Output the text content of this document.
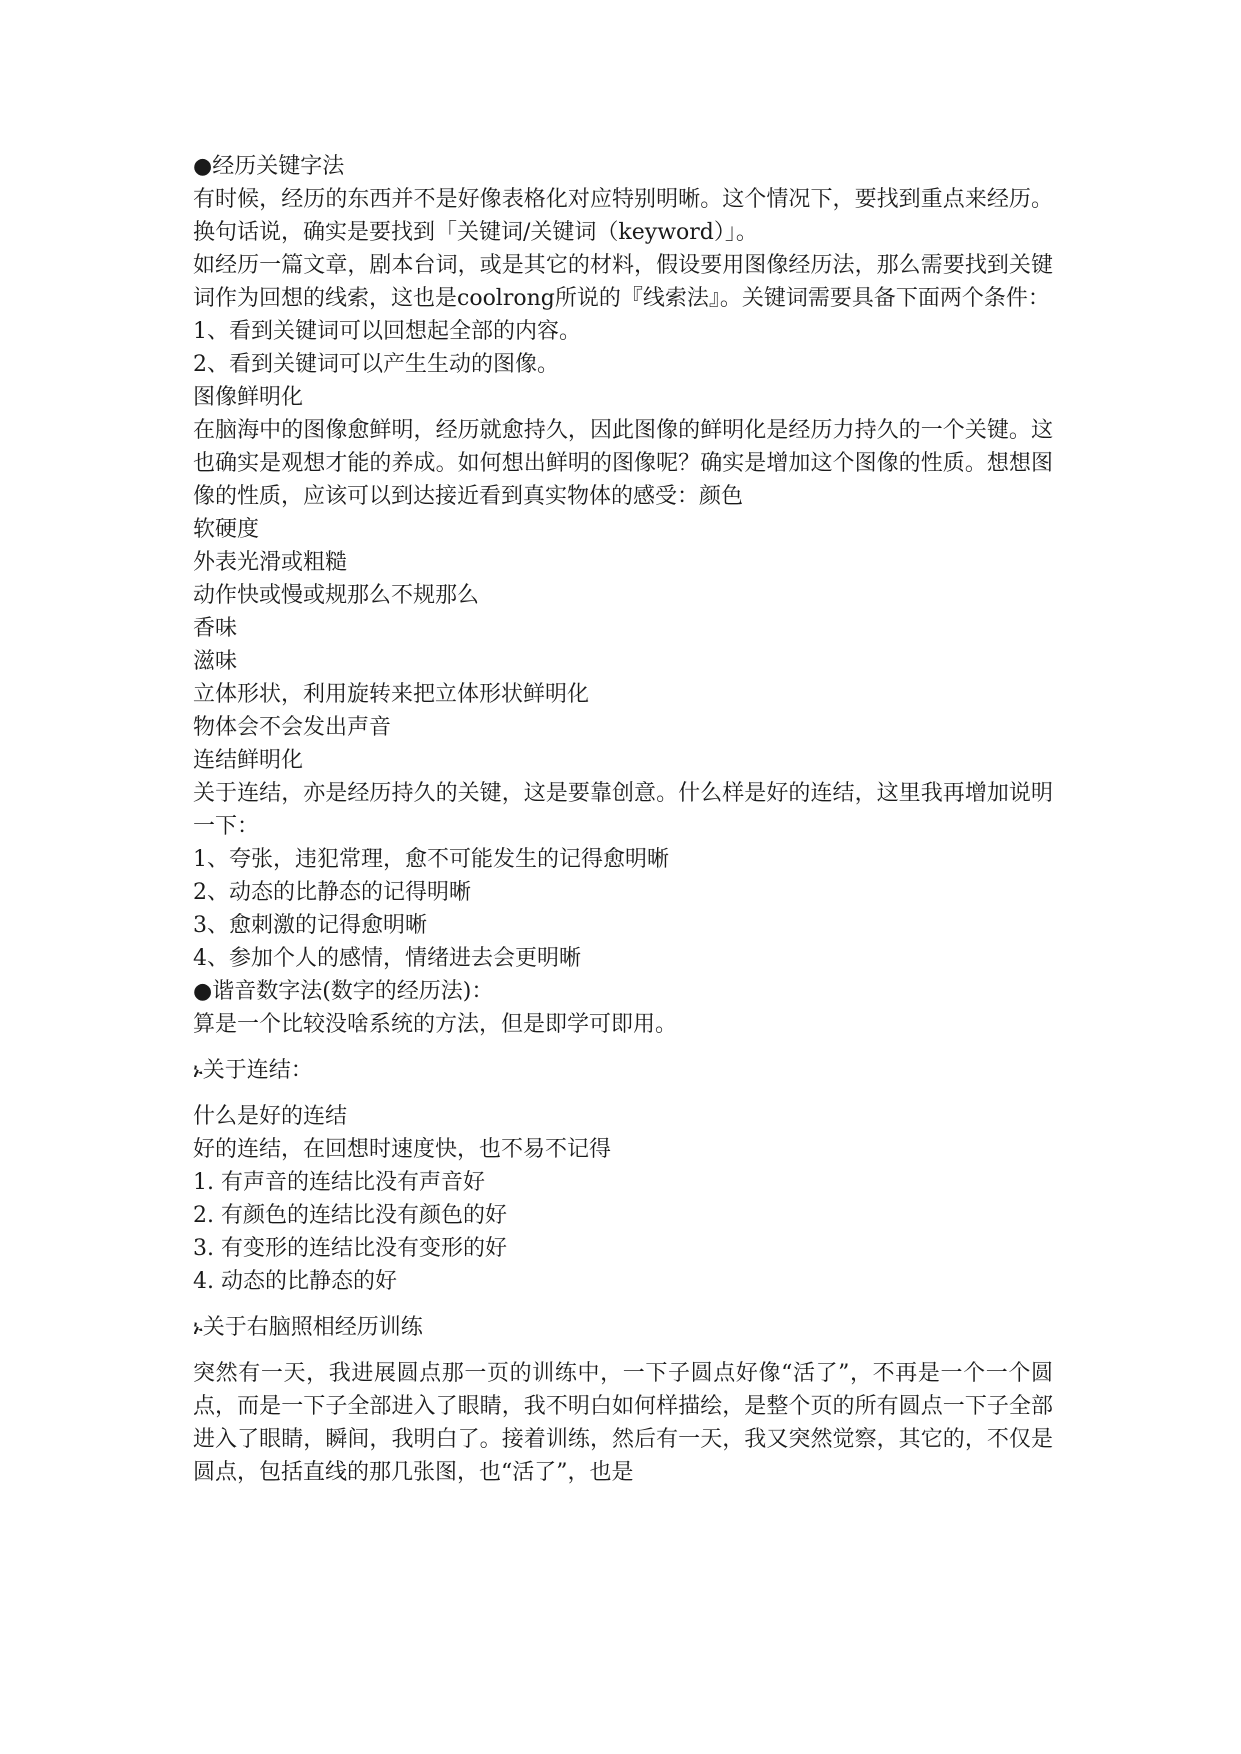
●经历关键字法
有时候，经历的东西并不是好像表格化对应特别明晰。这个情况下，要找到重点来经历。换句话说，确实是要找到「关键词/关键词（keyword）」。
如经历一篇文章，剧本台词，或是其它的材料，假设要用图像经历法，那么需要找到关键词作为回想的线索，这也是coolrong所说的『线索法』。关键词需要具备下面两个条件：
1、看到关键词可以回想起全部的内容。
2、看到关键词可以产生生动的图像。
图像鲜明化
在脑海中的图像愈鲜明，经历就愈持久，因此图像的鲜明化是经历力持久的一个关键。这也确实是观想才能的养成。如何想出鲜明的图像呢？确实是增加这个图像的性质。想想图像的性质，应该可以到达接近看到真实物体的感受：颜色
软硬度
外表光滑或粗糙
动作快或慢或规那么不规那么
香味
滋味
立体形状，利用旋转来把立体形状鲜明化
物体会不会发出声音
连结鲜明化
关于连结，亦是经历持久的关键，这是要靠创意。什么样是好的连结，这里我再增加说明一下：
1、夸张，违犯常理，愈不可能发生的记得愈明晰
2、动态的比静态的记得明晰
3、愈刺激的记得愈明晰
4、参加个人的感情，情绪进去会更明晰
●谐音数字法(数字的经历法)：
算是一个比较没啥系统的方法，但是即学可即用。
ኑ关于连结：
什么是好的连结
好的连结，在回想时速度快，也不易不记得
1. 有声音的连结比没有声音好
2. 有颜色的连结比没有颜色的好
3. 有变形的连结比没有变形的好
4. 动态的比静态的好
ኑ关于右脑照相经历训练
突然有一天，我进展圆点那一页的训练中，一下子圆点好像“活了”，不再是一个一个圆点，而是一下子全部进入了眼睛，我不明白如何样描绘，是整个页的所有圆点一下子全部进入了眼睛，瞬间，我明白了。接着训练，然后有一天，我又突然觉察，其它的，不仅是圆点，包括直线的那几张图，也“活了”，也是
